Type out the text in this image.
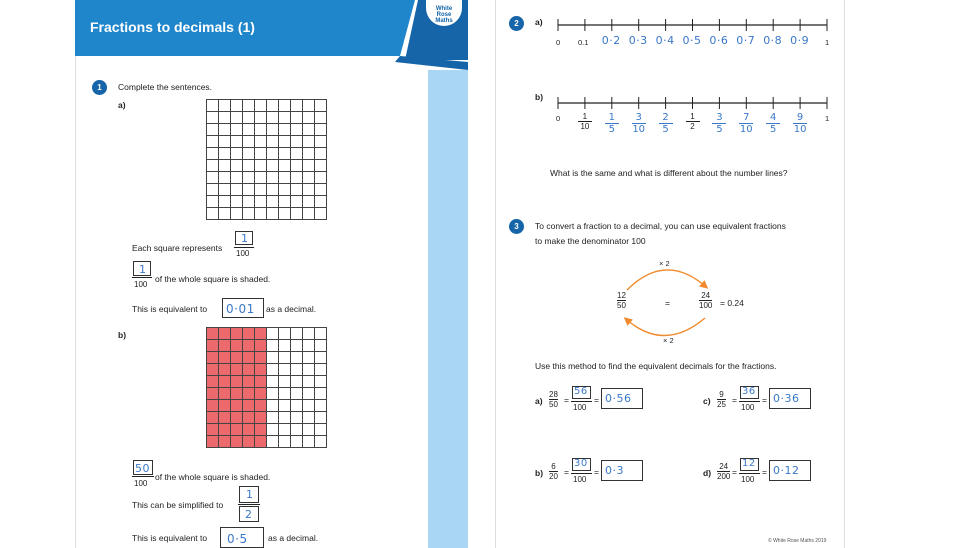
Fractions to decimals (1)
White
Rose
Maths
1	Complete the sentences.
a)
Each square represents
1
100
1
100
of the whole square is shaded.
This is equivalent to 0·01 as a decimal.
b)
50
100
of the whole square is shaded.
This can be simplified to
1
2
This is equivalent to 0·5 as a decimal.
2	a)
0 0.1	1
0·2 0·3 0·4 0·5 0·6 0·7 0·8 0·9
b)
0	1
1
10
1
2
1
5
3
10
2
5
3
5
7
10
4
5
9
10
What is the same and what is different about the number lines?
3	To convert a fraction to a decimal, you can use equivalent fractions
to make the denominator 100
× 2
× 2
12
50	=
24
100 = 0.24
Use this method to find the equivalent decimals for the fractions.
a)
28
50 =
56
100
= 0·56	c)
9
25 =
36
100
= 0·36
b)
6
20 =
30
100
= 0·3	d)
24
200 =
12
100
= 0·12
© White Rose Maths 2019
